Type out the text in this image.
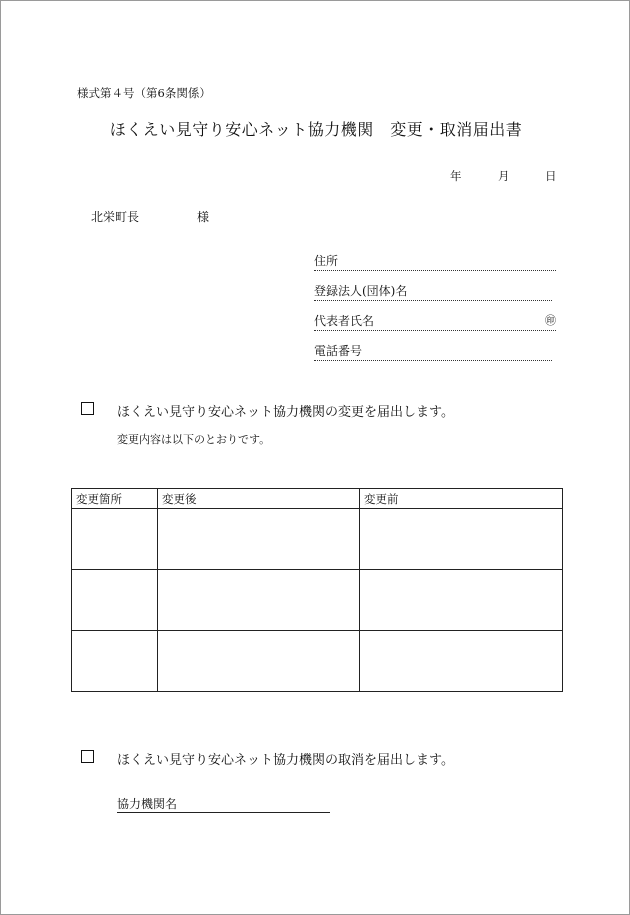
様式第４号（第6条関係）
ほくえい見守り安心ネット協力機関　変更・取消届出書
年	月	日
北栄町長	様
住所
登録法人(団体)名
代表者氏名	㊞
電話番号
ほくえい見守り安心ネット協力機関の変更を届出します。
変更内容は以下のとおりです。
変更箇所	変更後	変更前

ほくえい見守り安心ネット協力機関の取消を届出します。
協力機関名
